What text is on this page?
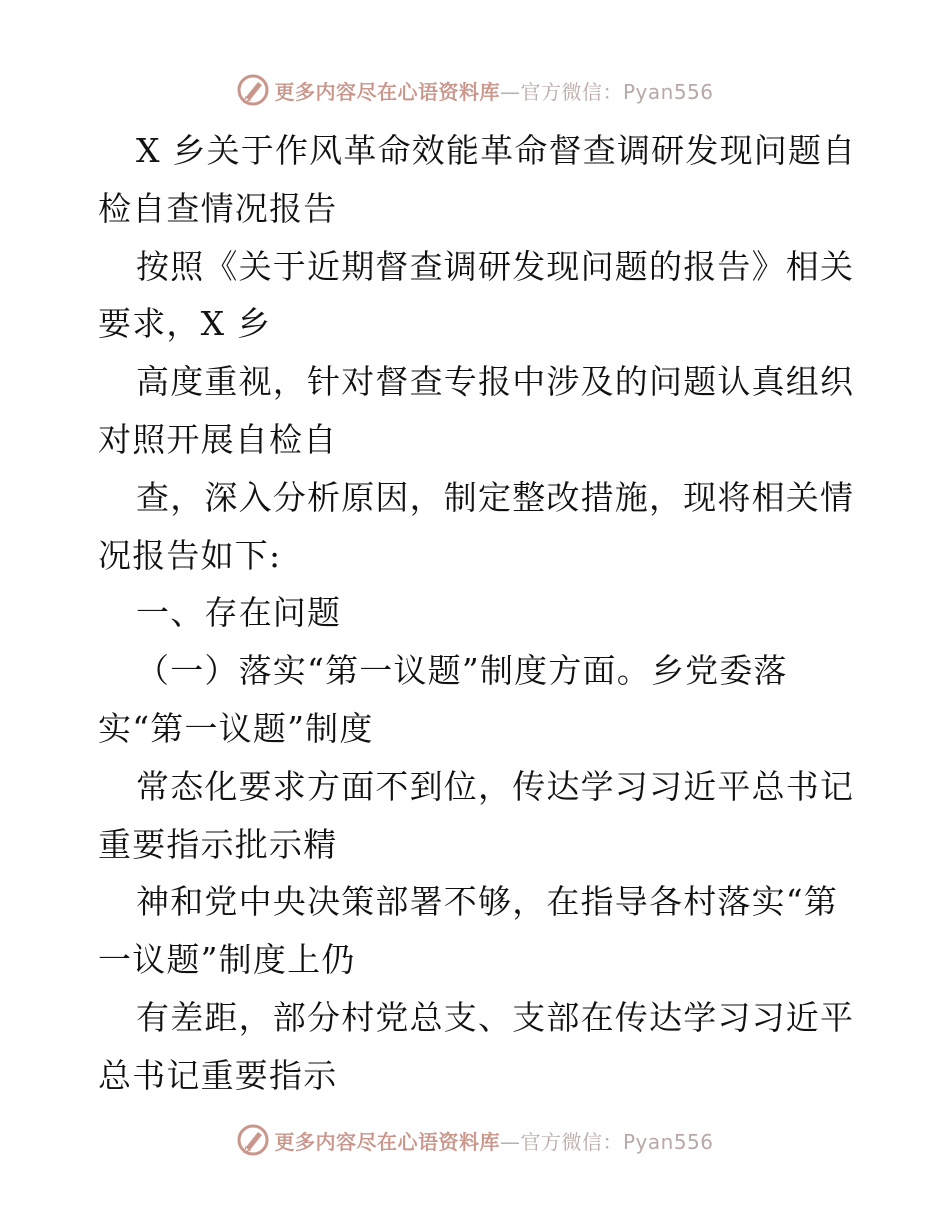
更多内容尽在心语资料库—官方微信：Pyan556
X 乡关于作风革命效能革命督查调研发现问题自
检自查情况报告
按照《关于近期督查调研发现问题的报告》相关
要求，X 乡
高度重视，针对督查专报中涉及的问题认真组织
对照开展自检自
查，深入分析原因，制定整改措施，现将相关情
况报告如下:
一、存在问题
（一）落实“第一议题”制度方面。乡党委落
实“第一议题”制度
常态化要求方面不到位，传达学习习近平总书记
重要指示批示精
神和党中央决策部署不够，在指导各村落实“第
一议题”制度上仍
有差距，部分村党总支、支部在传达学习习近平
总书记重要指示
更多内容尽在心语资料库—官方微信：Pyan556
